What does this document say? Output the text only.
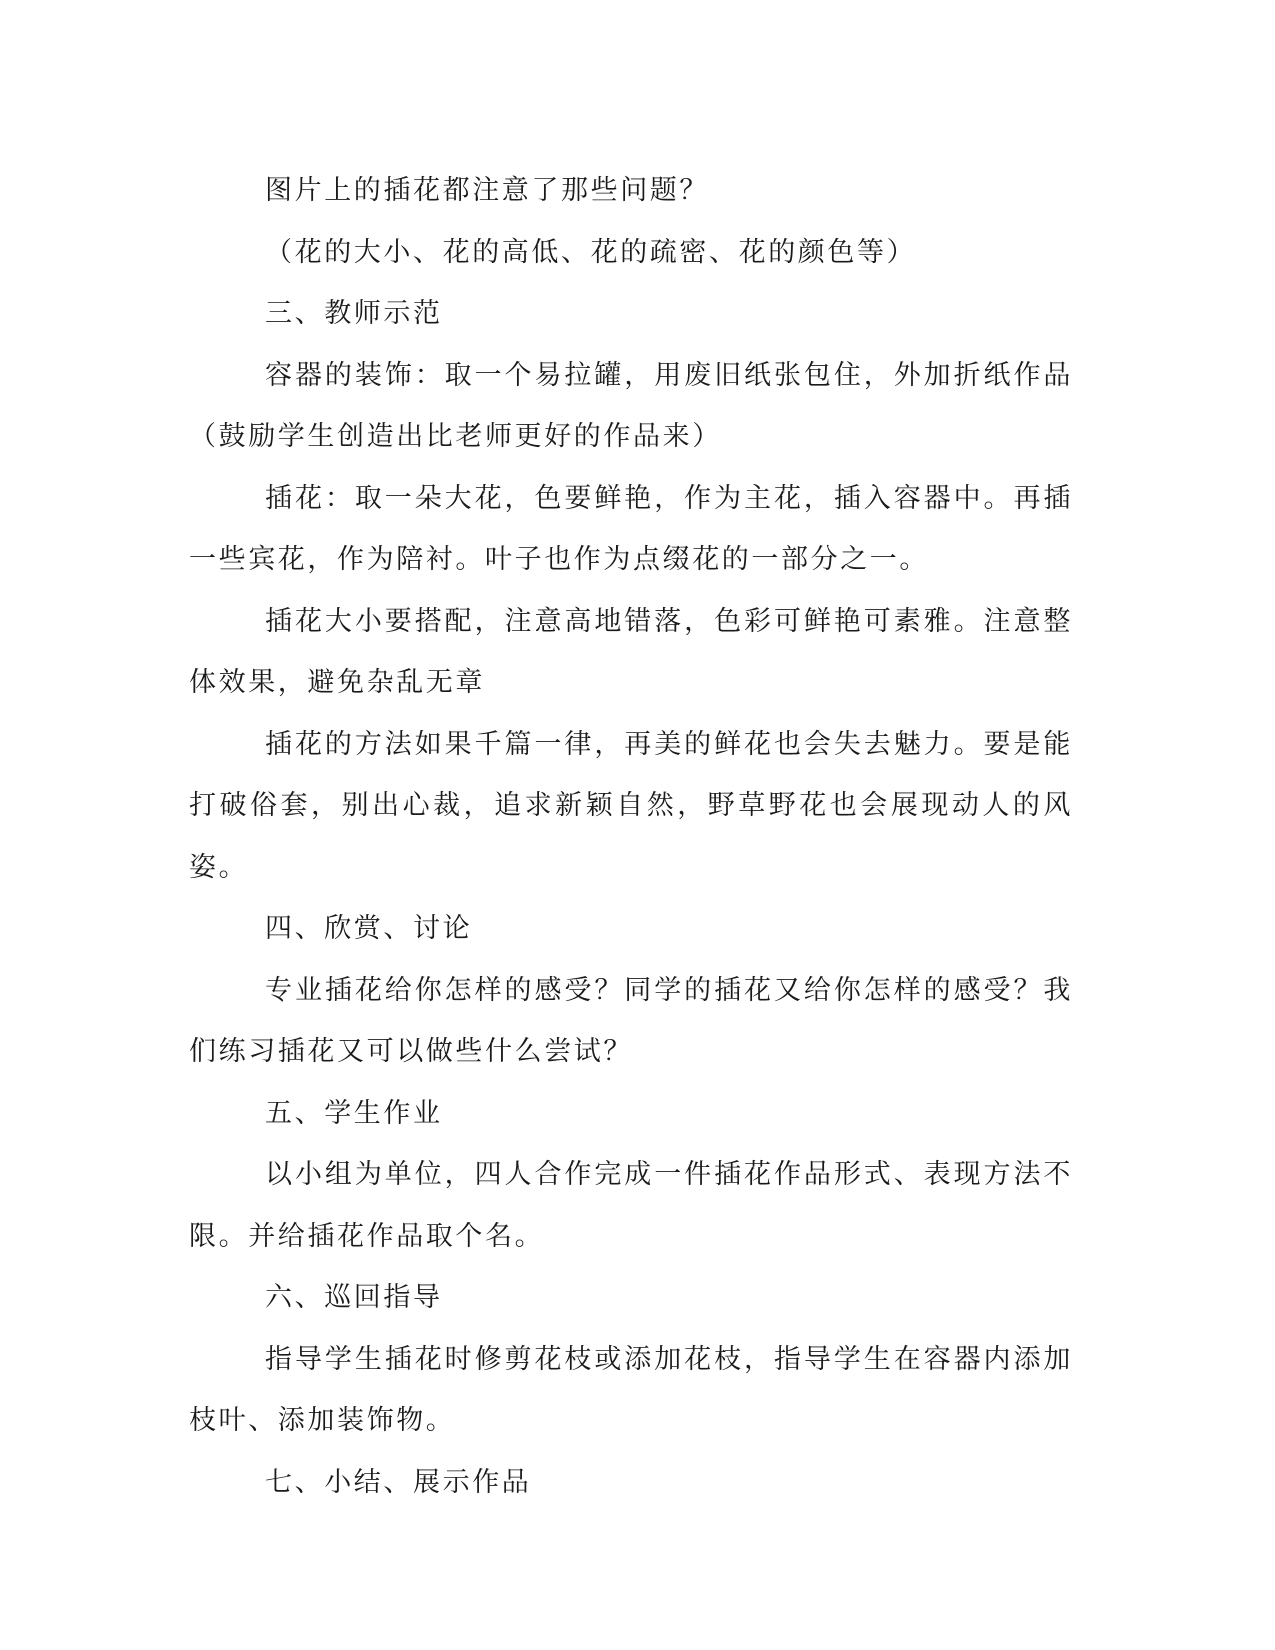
图片上的插花都注意了那些问题？

（花的大小、花的高低、花的疏密、花的颜色等）

三、教师示范

容器的装饰：取一个易拉罐，用废旧纸张包住，外加折纸作品（鼓励学生创造出比老师更好的作品来）

插花：取一朵大花，色要鲜艳，作为主花，插入容器中。再插一些宾花，作为陪衬。叶子也作为点缀花的一部分之一。

插花大小要搭配，注意高地错落，色彩可鲜艳可素雅。注意整体效果，避免杂乱无章

插花的方法如果千篇一律，再美的鲜花也会失去魅力。要是能打破俗套，别出心裁，追求新颖自然，野草野花也会展现动人的风姿。

四、欣赏、讨论

专业插花给你怎样的感受？同学的插花又给你怎样的感受？我们练习插花又可以做些什么尝试？

五、学生作业

以小组为单位，四人合作完成一件插花作品形式、表现方法不限。并给插花作品取个名。

六、巡回指导

指导学生插花时修剪花枝或添加花枝，指导学生在容器内添加枝叶、添加装饰物。

七、小结、展示作品
